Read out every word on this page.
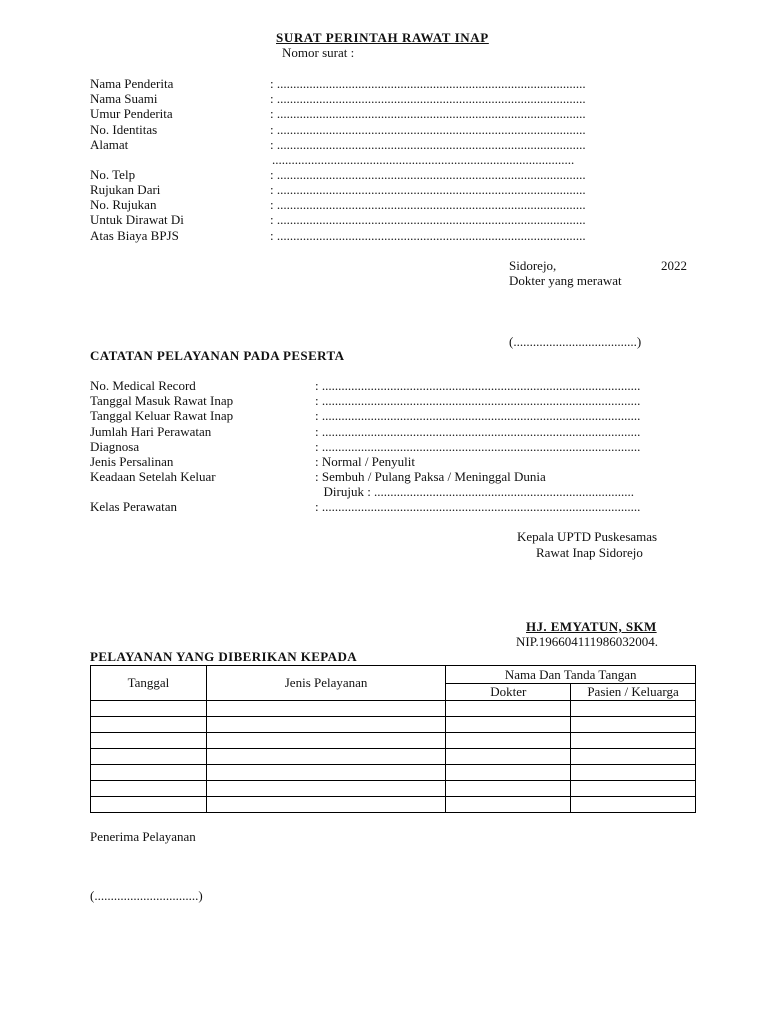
SURAT PERINTAH RAWAT INAP
Nomor surat :
Nama Penderita	: ...............................................................................................
Nama Suami	: ...............................................................................................
Umur Penderita	: ...............................................................................................
No. Identitas	: ...............................................................................................
Alamat	: ...............................................................................................
.............................................................................................
No. Telp	: ...............................................................................................
Rujukan Dari	: ...............................................................................................
No. Rujukan	: ...............................................................................................
Untuk Dirawat Di	: ...............................................................................................
Atas Biaya BPJS	: ...............................................................................................
Sidorejo,	2022
Dokter yang merawat
(......................................)
CATATAN PELAYANAN PADA PESERTA
No. Medical Record	: ..................................................................................................
Tanggal Masuk Rawat Inap	: ..................................................................................................
Tanggal Keluar Rawat Inap	: ..................................................................................................
Jumlah Hari Perawatan	: ..................................................................................................
Diagnosa	: ..................................................................................................
Jenis Persalinan	: Normal / Penyulit
Keadaan Setelah Keluar	: Sembuh / Pulang Paksa / Meninggal Dunia
Dirujuk : ................................................................................
Kelas Perawatan	: ..................................................................................................
Kepala UPTD Puskesamas
Rawat Inap Sidorejo
HJ. EMYATUN, SKM
NIP.196604111986032004.
PELAYANAN YANG DIBERIKAN KEPADA
Tanggal	Jenis Pelayanan	Nama Dan Tanda Tangan	
		Dokter	Pasien / Keluarga

Penerima Pelayanan
(................................)
